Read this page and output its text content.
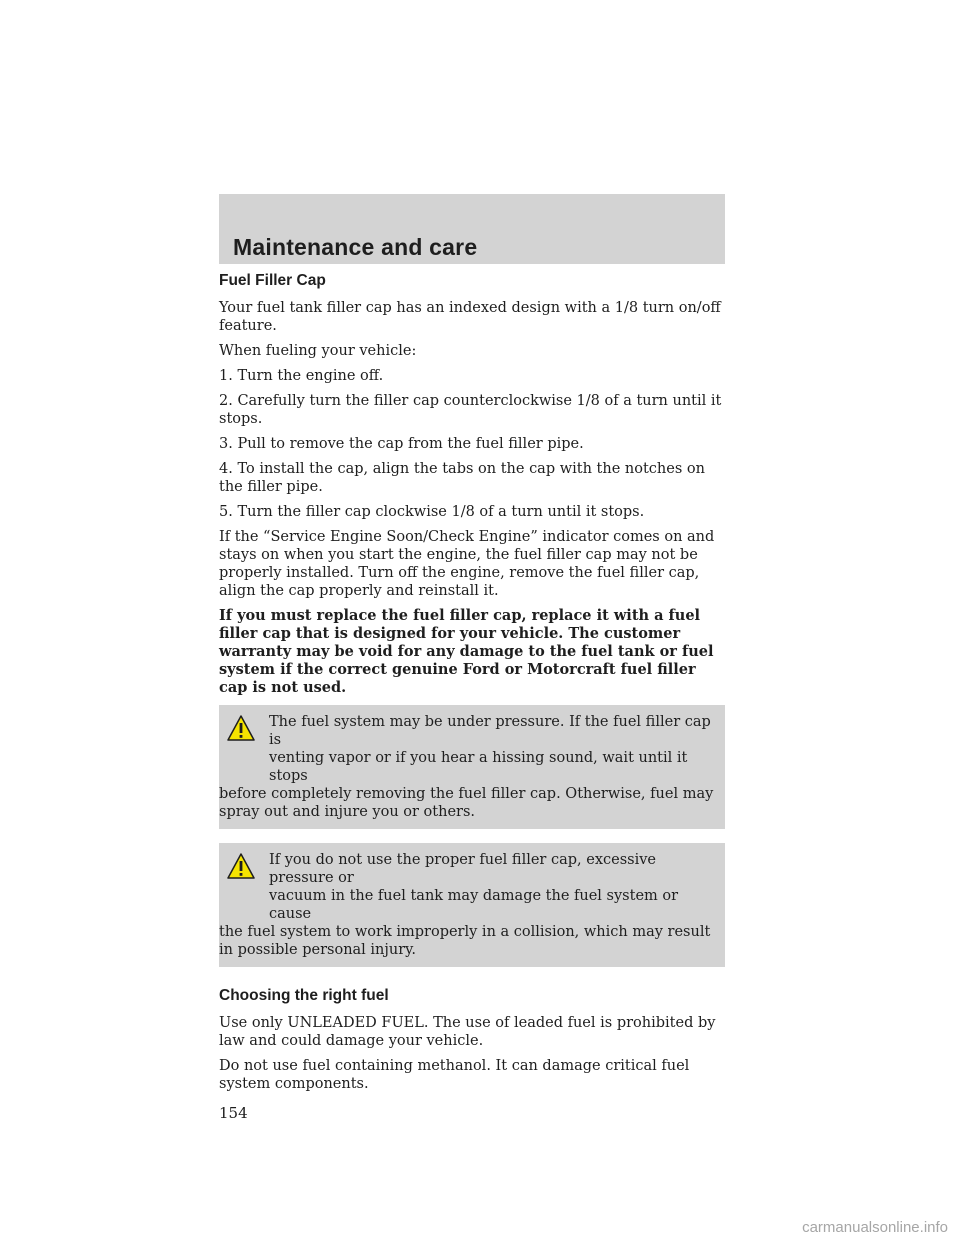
Maintenance and care
Fuel Filler Cap

Your fuel tank filler cap has an indexed design with a 1/8 turn on/off feature.

When fueling your vehicle:

1. Turn the engine off.

2. Carefully turn the filler cap counterclockwise 1/8 of a turn until it stops.

3. Pull to remove the cap from the fuel filler pipe.

4. To install the cap, align the tabs on the cap with the notches on the filler pipe.

5. Turn the filler cap clockwise 1/8 of a turn until it stops.

If the “Service Engine Soon/Check Engine” indicator comes on and stays on when you start the engine, the fuel filler cap may not be properly installed. Turn off the engine, remove the fuel filler cap, align the cap properly and reinstall it.

If you must replace the fuel filler cap, replace it with a fuel filler cap that is designed for your vehicle. The customer warranty may be void for any damage to the fuel tank or fuel system if the correct genuine Ford or Motorcraft fuel filler cap is not used.

The fuel system may be under pressure. If the fuel filler cap is
venting vapor or if you hear a hissing sound, wait until it stops
before completely removing the fuel filler cap. Otherwise, fuel may spray out and injure you or others.
If you do not use the proper fuel filler cap, excessive pressure or
vacuum in the fuel tank may damage the fuel system or cause
the fuel system to work improperly in a collision, which may result in possible personal injury.
Choosing the right fuel

Use only UNLEADED FUEL. The use of leaded fuel is prohibited by law and could damage your vehicle.

Do not use fuel containing methanol. It can damage critical fuel system components.

154
carmanualsonline.info
